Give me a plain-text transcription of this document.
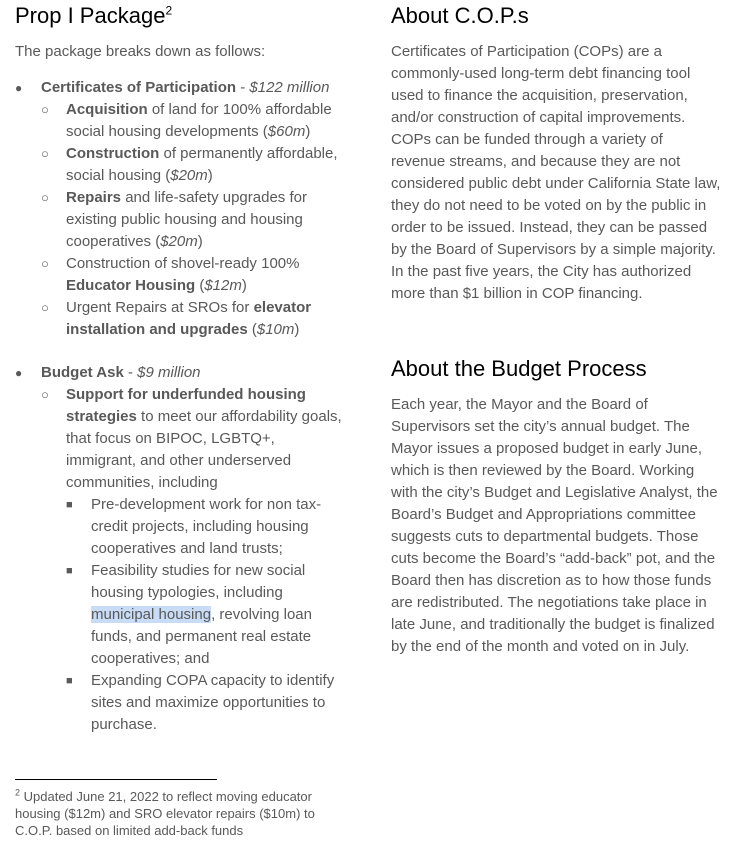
Prop I Package$^2$

The package breaks down as follows:

● Certificates of Participation - $122 million
○ Acquisition of land for 100% affordable social housing developments ($60m)
○ Construction of permanently affordable, social housing ($20m)
○ Repairs and life-safety upgrades for existing public housing and housing cooperatives ($20m)
○ Construction of shovel-ready 100% Educator Housing ($12m)
○ Urgent Repairs at SROs for elevator installation and upgrades ($10m)
● Budget Ask - $9 million
○ Support for underfunded housing strategies to meet our affordability goals, that focus on BIPOC, LGBTQ+, immigrant, and other underserved communities, including
■ Pre-development work for non tax-credit projects, including housing cooperatives and land trusts;
■ Feasibility studies for new social housing typologies, including municipal housing, revolving loan funds, and permanent real estate cooperatives; and
■ Expanding COPA capacity to identify sites and maximize opportunities to purchase.
$^2$ Updated June 21, 2022 to reflect moving educator housing ($12m) and SRO elevator repairs ($10m) to C.O.P. based on limited add-back funds
About C.O.P.s

Certificates of Participation (COPs) are a commonly-used long-term debt financing tool used to finance the acquisition, preservation, and/or construction of capital improvements. COPs can be funded through a variety of revenue streams, and because they are not considered public debt under California State law, they do not need to be voted on by the public in order to be issued. Instead, they can be passed by the Board of Supervisors by a simple majority. In the past five years, the City has authorized more than $1 billion in COP financing.

About the Budget Process

Each year, the Mayor and the Board of Supervisors set the city’s annual budget. The Mayor issues a proposed budget in early June, which is then reviewed by the Board. Working with the city’s Budget and Legislative Analyst, the Board’s Budget and Appropriations committee suggests cuts to departmental budgets. Those cuts become the Board’s “add-back” pot, and the Board then has discretion as to how those funds are redistributed. The negotiations take place in late June, and traditionally the budget is finalized by the end of the month and voted on in July.
